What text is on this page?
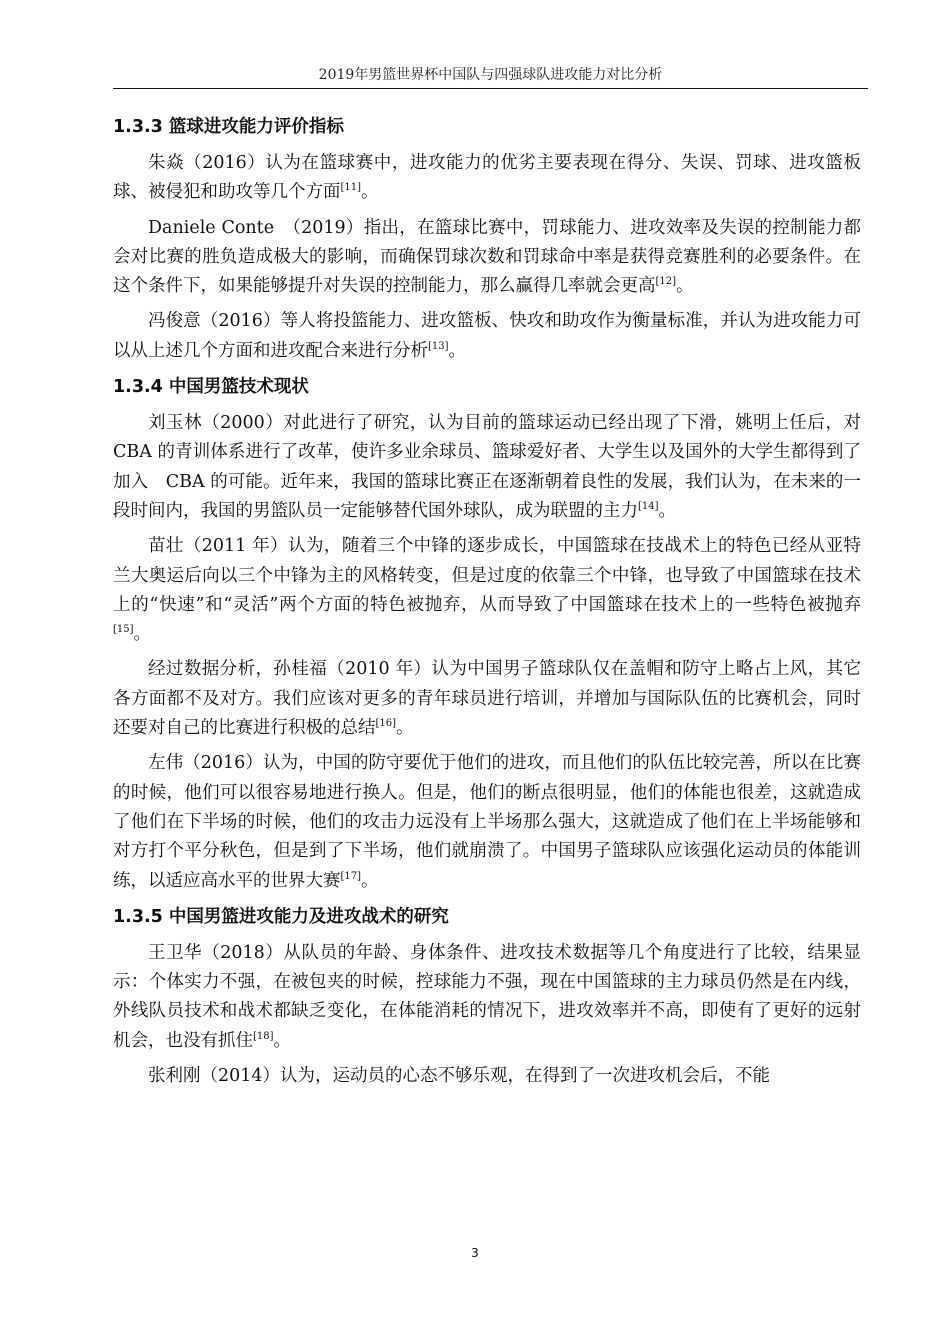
2019年男篮世界杯中国队与四强球队进攻能力对比分析
1.3.3 篮球进攻能力评价指标

朱焱（2016）认为在篮球赛中，进攻能力的优劣主要表现在得分、失误、罚球、进攻篮板球、被侵犯和助攻等几个方面[11]。

Daniele Conte　（2019）指出，在篮球比赛中，罚球能力、进攻效率及失误的控制能力都会对比赛的胜负造成极大的影响，而确保罚球次数和罚球命中率是获得竞赛胜利的必要条件。在这个条件下，如果能够提升对失误的控制能力，那么赢得几率就会更高[12]。

冯俊意（2016）等人将投篮能力、进攻篮板、快攻和助攻作为衡量标准，并认为进攻能力可以从上述几个方面和进攻配合来进行分析[13]。

1.3.4 中国男篮技术现状

刘玉林（2000）对此进行了研究，认为目前的篮球运动已经出现了下滑，姚明上任后，对　CBA 的青训体系进行了改革，使许多业余球员、篮球爱好者、大学生以及国外的大学生都得到了加入　CBA 的可能。近年来，我国的篮球比赛正在逐渐朝着良性的发展，我们认为，在未来的一段时间内，我国的男篮队员一定能够替代国外球队，成为联盟的主力[14]。

苗壮（2011 年）认为，随着三个中锋的逐步成长，中国篮球在技战术上的特色已经从亚特兰大奥运后向以三个中锋为主的风格转变，但是过度的依靠三个中锋，也导致了中国篮球在技术上的“快速”和“灵活”两个方面的特色被抛弃，从而导致了中国篮球在技术上的一些特色被抛弃[15]。

经过数据分析，孙桂福（2010 年）认为中国男子篮球队仅在盖帽和防守上略占上风，其它各方面都不及对方。我们应该对更多的青年球员进行培训，并增加与国际队伍的比赛机会，同时还要对自己的比赛进行积极的总结[16]。

左伟（2016）认为，中国的防守要优于他们的进攻，而且他们的队伍比较完善，所以在比赛的时候，他们可以很容易地进行换人。但是，他们的断点很明显，他们的体能也很差，这就造成了他们在下半场的时候，他们的攻击力远没有上半场那么强大，这就造成了他们在上半场能够和对方打个平分秋色，但是到了下半场，他们就崩溃了。中国男子篮球队应该强化运动员的体能训练，以适应高水平的世界大赛[17]。

1.3.5 中国男篮进攻能力及进攻战术的研究

王卫华（2018）从队员的年龄、身体条件、进攻技术数据等几个角度进行了比较，结果显示：个体实力不强，在被包夹的时候，控球能力不强，现在中国篮球的主力球员仍然是在内线，外线队员技术和战术都缺乏变化，在体能消耗的情况下，进攻效率并不高，即使有了更好的远射机会，也没有抓住[18]。

张利刚（2014）认为，运动员的心态不够乐观，在得到了一次进攻机会后，不能

3
